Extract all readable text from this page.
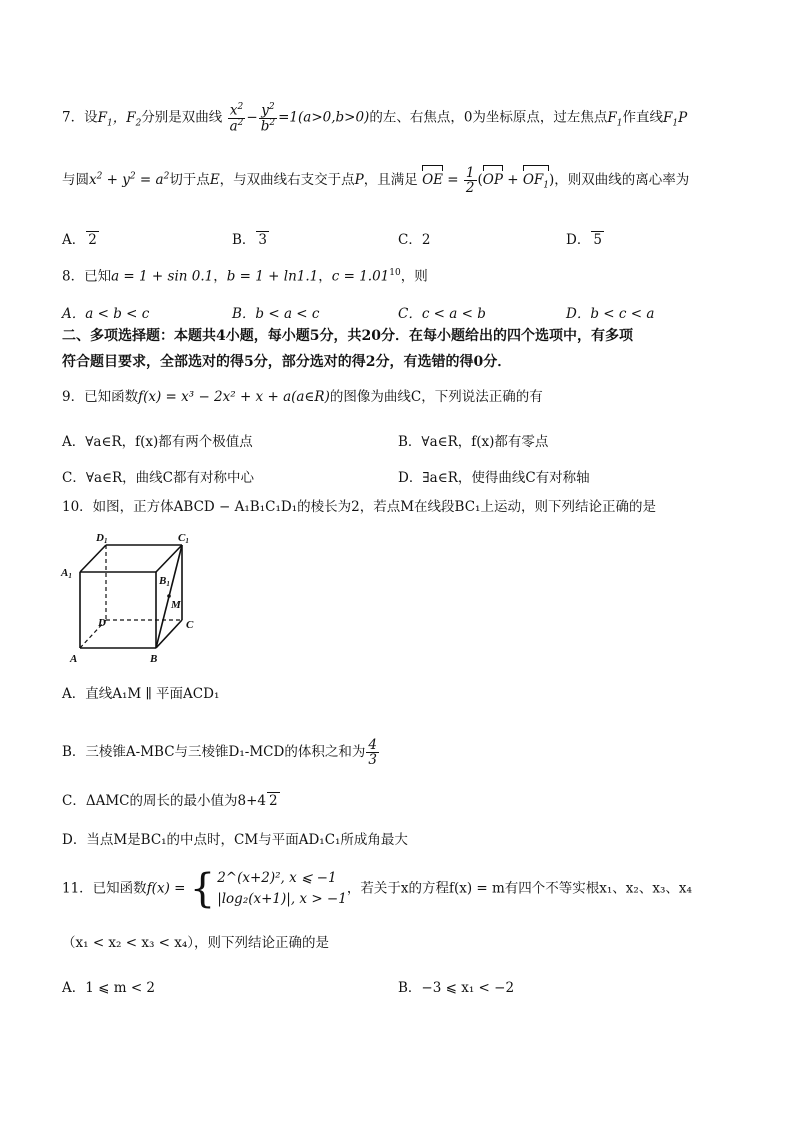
7．设$F_1$，$F_2$分别是双曲线 $\frac{x^2}{a^2} - \frac{y^2}{b^2} =1(a>0,b>0)$的左、右焦点，0为坐标原点，过左焦点$F_1$作直线$F_1P$
与圆$x^2 + y^2 = a^2$切于点E，与双曲线右支交于点P，且满足 OE = $\frac{1}{2} (OP + OF_1)$，则双曲线的离心率为
A． 2	B． 3	C．2	D． 5
8．已知a = 1 + sin 0.1，b = 1 + ln1.1，$c = 1.01^{10}$，则
A．a < b < c	B．b < a < c	C．c < a < b	D．b < c < a
二、多项选择题：本题共4小题，每小题5分，共20分．在每小题给出的四个选项中，有多项
符合题目要求，全部选对的得5分，部分选对的得2分，有选错的得0分．
9．已知函数f(x) = x³ − 2x² + x + a(a∈R)的图像为曲线C，下列说法正确的有
A．∀a∈R，f(x)都有两个极值点	B．∀a∈R，f(x)都有零点
C．∀a∈R，曲线C都有对称中心	D．∃a∈R，使得曲线C有对称轴
10．如图，正方体ABCD − A₁B₁C₁D₁的棱长为2，若点M在线段BC₁上运动，则下列结论正确的是
D1	C1
A1	B1
M
D	C
A	B
A．直线A₁M ∥ 平面ACD₁
B．三棱锥A-MBC与三棱锥D₁-MCD的体积之和为 $\frac{4}{3}$
C．ΔAMC的周长的最小值为8+4 2
D．当点M是BC₁的中点时，CM与平面AD₁C₁所成角最大
11．已知函数f(x) = { 2^(x+2)², x ⩽ −1
|log₂(x+1)|, x > −1，若关于x的方程f(x) = m有四个不等实根x₁、x₂、x₃、x₄
（x₁ < x₂ < x₃ < x₄），则下列结论正确的是
A．1 ⩽ m < 2	B．−3 ⩽ x₁ < −2
